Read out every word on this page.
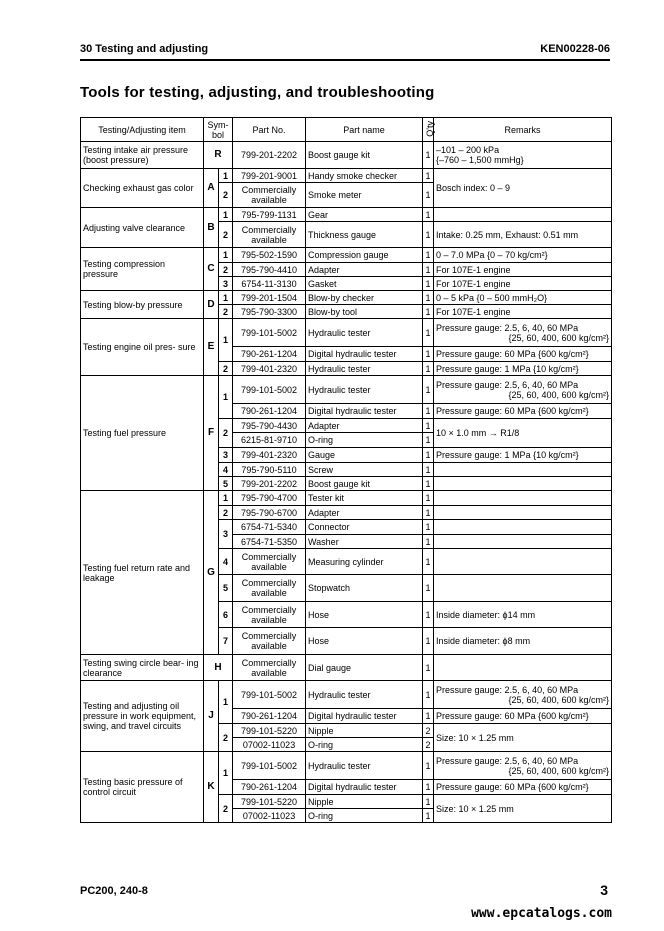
30 Testing and adjusting	KEN00228-06
Tools for testing, adjusting, and troubleshooting
Testing/Adjusting item	Sym- bol		Part No.	Part name	Q'ty	Remarks
Testing intake air pressure (boost pressure)	R		799-201-2202	Boost gauge kit	1	–101 – 200 kPa
{–760 – 1,500 mmHg}

Checking exhaust gas color	A	1	799-201-9001	Handy smoke checker	1	Bosch index: 0 – 9
		2	Commercially available	Smoke meter	1	
Adjusting valve clearance	B	1	795-799-1131	Gear	1	
		2	Commercially available	Thickness gauge	1	Intake: 0.25 mm, Exhaust: 0.51 mm
Testing compression pressure	C	1	795-502-1590	Compression gauge	1	0 – 7.0 MPa {0 – 70 kg/cm²}
		2	795-790-4410	Adapter	1	For 107E-1 engine
		3	6754-11-3130	Gasket	1	For 107E-1 engine
Testing blow-by pressure	D	1	799-201-1504	Blow-by checker	1	0 – 5 kPa {0 – 500 mmH₂O}
		2	795-790-3300	Blow-by tool	1	For 107E-1 engine
Testing engine oil pres- sure	E	1	799-101-5002	Hydraulic tester	1	Pressure gauge: 2.5, 6, 40, 60 MPa
{25, 60, 400, 600 kg/cm²}

			790-261-1204	Digital hydraulic tester	1	Pressure gauge: 60 MPa {600 kg/cm²}
		2	799-401-2320	Hydraulic tester	1	Pressure gauge: 1 MPa {10 kg/cm²}
Testing fuel pressure	F	1	799-101-5002	Hydraulic tester	1	Pressure gauge: 2.5, 6, 40, 60 MPa
{25, 60, 400, 600 kg/cm²}

			790-261-1204	Digital hydraulic tester	1	Pressure gauge: 60 MPa {600 kg/cm²}
		2	795-790-4430	Adapter	1	10 × 1.0 mm → R1/8
			6215-81-9710	O-ring	1	
		3	799-401-2320	Gauge	1	Pressure gauge: 1 MPa {10 kg/cm²}
		4	795-790-5110	Screw	1	
		5	799-201-2202	Boost gauge kit	1	
Testing fuel return rate and leakage	G	1	795-790-4700	Tester kit	1	
		2	795-790-6700	Adapter	1	
		3	6754-71-5340	Connector	1	
			6754-71-5350	Washer	1	
		4	Commercially available	Measuring cylinder	1	
		5	Commercially available	Stopwatch	1	
		6	Commercially available	Hose	1	Inside diameter: ϕ14 mm
		7	Commercially available	Hose	1	Inside diameter: ϕ8 mm
Testing swing circle bear- ing clearance	H		Commercially available	Dial gauge	1	
Testing and adjusting oil pressure in work equipment, swing, and travel circuits	J	1	799-101-5002	Hydraulic tester	1	Pressure gauge: 2.5, 6, 40, 60 MPa
{25, 60, 400, 600 kg/cm²}

			790-261-1204	Digital hydraulic tester	1	Pressure gauge: 60 MPa {600 kg/cm²}
		2	799-101-5220	Nipple	2	Size: 10 × 1.25 mm
			07002-11023	O-ring	2	
Testing basic pressure of control circuit	K	1	799-101-5002	Hydraulic tester	1	Pressure gauge: 2.5, 6, 40, 60 MPa
{25, 60, 400, 600 kg/cm²}

			790-261-1204	Digital hydraulic tester	1	Pressure gauge: 60 MPa {600 kg/cm²}
		2	799-101-5220	Nipple	1	Size: 10 × 1.25 mm
			07002-11023	O-ring	1	
PC200, 240-8	3
www.epcatalogs.com
